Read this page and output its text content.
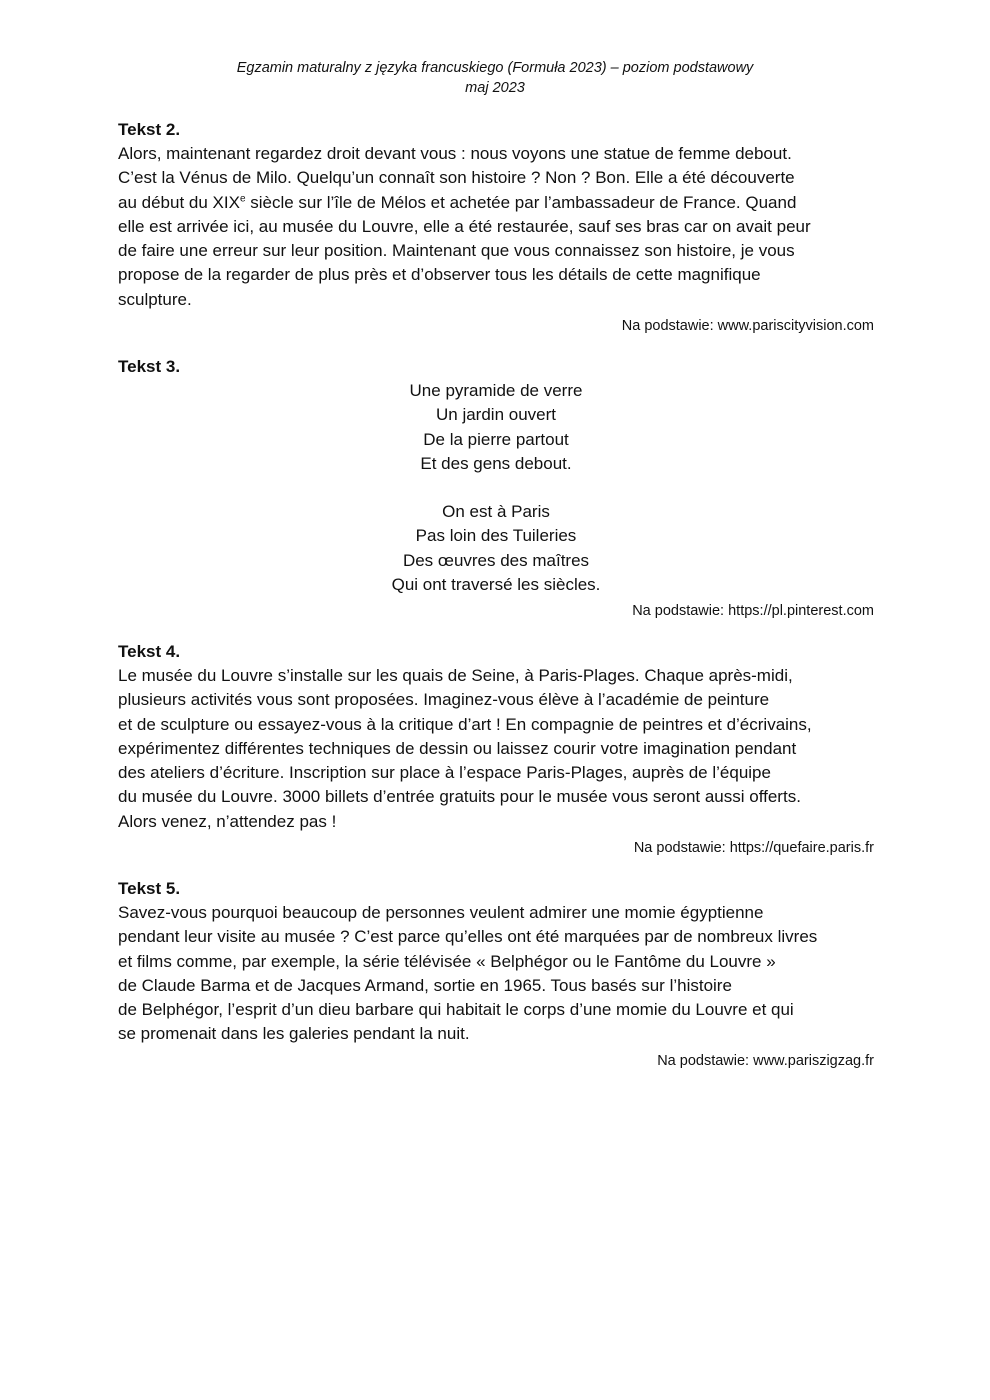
Egzamin maturalny z języka francuskiego (Formuła 2023) – poziom podstawowy
maj 2023
Tekst 2.
Alors, maintenant regardez droit devant vous : nous voyons une statue de femme debout.
C’est la Vénus de Milo. Quelqu’un connaît son histoire ? Non ? Bon. Elle a été découverte
au début du XIXe siècle sur l’île de Mélos et achetée par l’ambassadeur de France. Quand
elle est arrivée ici, au musée du Louvre, elle a été restaurée, sauf ses bras car on avait peur
de faire une erreur sur leur position. Maintenant que vous connaissez son histoire, je vous
propose de la regarder de plus près et d’observer tous les détails de cette magnifique
sculpture.
Na podstawie: www.pariscityvision.com
Tekst 3.
Une pyramide de verre
Un jardin ouvert
De la pierre partout
Et des gens debout.
On est à Paris
Pas loin des Tuileries
Des œuvres des maîtres
Qui ont traversé les siècles.
Na podstawie: https://pl.pinterest.com
Tekst 4.
Le musée du Louvre s’installe sur les quais de Seine, à Paris-Plages. Chaque après-midi,
plusieurs activités vous sont proposées. Imaginez-vous élève à l’académie de peinture
et de sculpture ou essayez-vous à la critique d’art ! En compagnie de peintres et d’écrivains,
expérimentez différentes techniques de dessin ou laissez courir votre imagination pendant
des ateliers d’écriture. Inscription sur place à l’espace Paris-Plages, auprès de l’équipe
du musée du Louvre. 3000 billets d’entrée gratuits pour le musée vous seront aussi offerts.
Alors venez, n’attendez pas !
Na podstawie: https://quefaire.paris.fr
Tekst 5.
Savez-vous pourquoi beaucoup de personnes veulent admirer une momie égyptienne
pendant leur visite au musée ? C’est parce qu’elles ont été marquées par de nombreux livres
et films comme, par exemple, la série télévisée « Belphégor ou le Fantôme du Louvre »
de Claude Barma et de Jacques Armand, sortie en 1965. Tous basés sur l’histoire
de Belphégor, l’esprit d’un dieu barbare qui habitait le corps d’une momie du Louvre et qui
se promenait dans les galeries pendant la nuit.
Na podstawie: www.pariszigzag.fr
